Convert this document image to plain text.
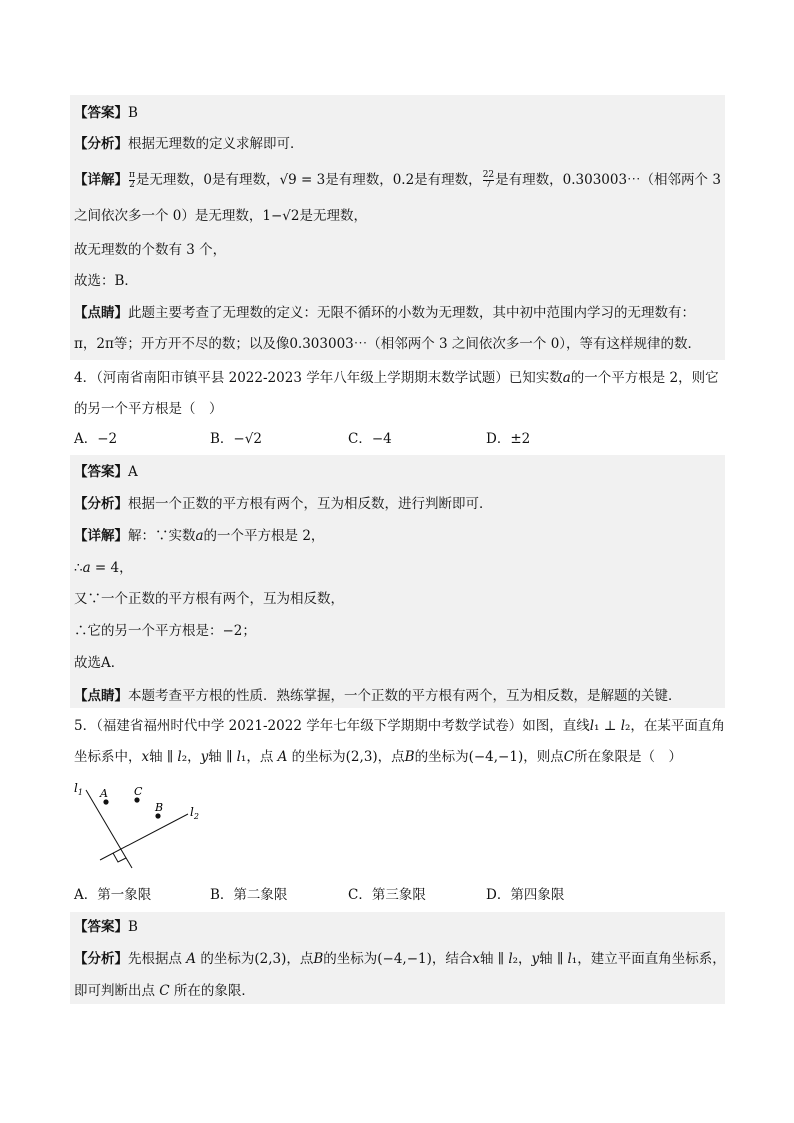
【答案】B
【分析】根据无理数的定义求解即可．
【详解】 $\frac{\pi}{2}$ 是无理数，0是有理数，√9 = 3是有理数，0.2是有理数， $\frac{22}{7}$ 是有理数，0.303003⋯（相邻两个 3
之间依次多一个 0）是无理数，1−√2是无理数，
故无理数的个数有 3 个，
故选：B．
【点睛】此题主要考查了无理数的定义：无限不循环的小数为无理数，其中初中范围内学习的无理数有：
π，2π等；开方开不尽的数；以及像0.303003⋯（相邻两个 3 之间依次多一个 0），等有这样规律的数．
4．（河南省南阳市镇平县 2022-2023 学年八年级上学期期末数学试题）已知实数𝑎的一个平方根是 2，则它
的另一个平方根是（　）
A．−2	B．−√2	C．−4	D．±2
【答案】A
【分析】根据一个正数的平方根有两个，互为相反数，进行判断即可．
【详解】解：∵实数𝑎的一个平方根是 2，
∴𝑎 = 4，
又∵一个正数的平方根有两个，互为相反数，
∴它的另一个平方根是：−2；
故选A．
【点睛】本题考查平方根的性质．熟练掌握，一个正数的平方根有两个，互为相反数，是解题的关键．
5．（福建省福州时代中学 2021-2022 学年七年级下学期期中考数学试卷）如图，直线𝑙₁ ⊥ 𝑙₂，在某平面直角
坐标系中，𝑥轴 ∥ 𝑙₂，𝑦轴 ∥ 𝑙₁，点 𝐴 的坐标为(2,3)，点𝐵的坐标为(−4,−1)，则点𝐶所在象限是（　）
$l_1$
$l_2$
A C
B
A．第一象限	B．第二象限	C．第三象限	D．第四象限
【答案】B
【分析】先根据点 𝐴 的坐标为(2,3)，点𝐵的坐标为(−4,−1)，结合𝑥轴 ∥ 𝑙₂，𝑦轴 ∥ 𝑙₁，建立平面直角坐标系，
即可判断出点 𝐶 所在的象限．
